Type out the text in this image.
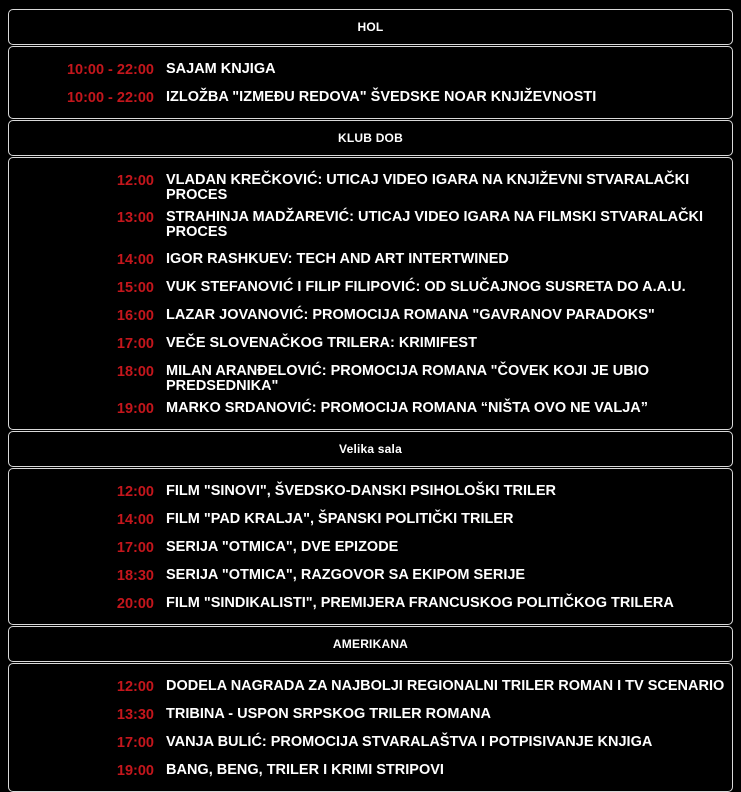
HOL
10:00 - 22:00 SAJAM KNJIGA
10:00 - 22:00 IZLOŽBA "IZMEĐU REDOVA" ŠVEDSKE NOAR KNJIŽEVNOSTI
KLUB DOB
12:00 VLADAN KREČKOVIĆ: UTICAJ VIDEO IGARA NA KNJIŽEVNI STVARALAČKI PROCES
13:00 STRAHINJA MADŽAREVIĆ: UTICAJ VIDEO IGARA NA FILMSKI STVARALAČKI PROCES
14:00 IGOR RASHKUEV: TECH AND ART INTERTWINED
15:00 VUK STEFANOVIĆ I FILIP FILIPOVIĆ: OD SLUČAJNOG SUSRETA DO A.A.U.
16:00 LAZAR JOVANOVIĆ: PROMOCIJA ROMANA "GAVRANOV PARADOKS"
17:00 VEČE SLOVENAČKOG TRILERA: KRIMIFEST
18:00 MILAN ARANĐELOVIĆ: PROMOCIJA ROMANA "ČOVEK KOJI JE UBIO PREDSEDNIKA"
19:00 MARKO SRDANOVIĆ: PROMOCIJA ROMANA “NIŠTA OVO NE VALJA”
Velika sala
12:00 FILM "SINOVI", ŠVEDSKO-DANSKI PSIHOLOŠKI TRILER
14:00 FILM "PAD KRALJA", ŠPANSKI POLITIČKI TRILER
17:00 SERIJA "OTMICA", DVE EPIZODE
18:30 SERIJA "OTMICA", RAZGOVOR SA EKIPOM SERIJE
20:00 FILM "SINDIKALISTI", PREMIJERA FRANCUSKOG POLITIČKOG TRILERA
AMERIKANA
12:00 DODELA NAGRADA ZA NAJBOLJI REGIONALNI TRILER ROMAN I TV SCENARIO
13:30 TRIBINA - USPON SRPSKOG TRILER ROMANA
17:00 VANJA BULIĆ: PROMOCIJA STVARALAŠTVA I POTPISIVANJE KNJIGA
19:00 BANG, BENG, TRILER I KRIMI STRIPOVI
